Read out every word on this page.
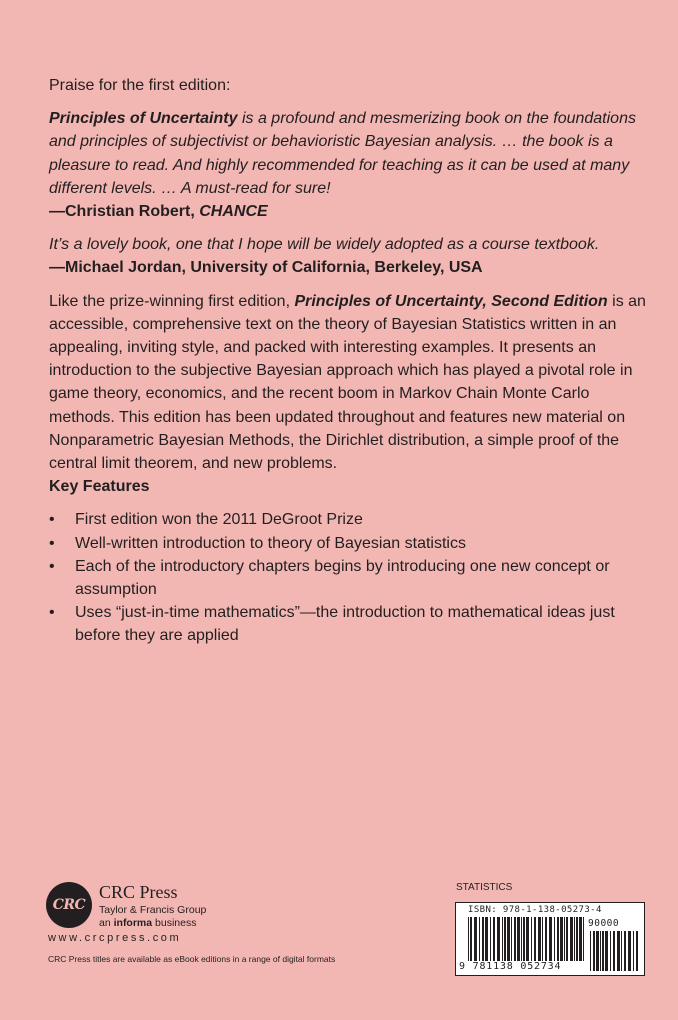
Praise for the first edition:

Principles of Uncertainty is a profound and mesmerizing book on the foundations and principles of subjectivist or behavioristic Bayesian analysis. … the book is a pleasure to read. And highly recommended for teaching as it can be used at many different levels. … A must-read for sure!

—Christian Robert, CHANCE

It’s a lovely book, one that I hope will be widely adopted as a course textbook.

—Michael Jordan, University of California, Berkeley, USA

Like the prize-winning first edition, Principles of Uncertainty, Second Edition is an accessible, comprehensive text on the theory of Bayesian Statistics written in an appealing, inviting style, and packed with interesting examples. It presents an introduction to the subjective Bayesian approach which has played a pivotal role in game theory, economics, and the recent boom in Markov Chain Monte Carlo methods. This edition has been updated throughout and features new material on Nonparametric Bayesian Methods, the Dirichlet distribution, a simple proof of the central limit theorem, and new problems.

Key Features

• First edition won the 2011 DeGroot Prize
• Well-written introduction to theory of Bayesian statistics
• Each of the introductory chapters begins by introducing one new concept or assumption
• Uses “just-in-time mathematics”—the introduction to mathematical ideas just before they are applied
CRC
CRC Press
Taylor & Francis Group
an informa business
www.crcpress.com
CRC Press titles are available as eBook editions in a range of digital formats
STATISTICS
ISBN: 978-1-138-05273-4
90000
9 781138 052734
